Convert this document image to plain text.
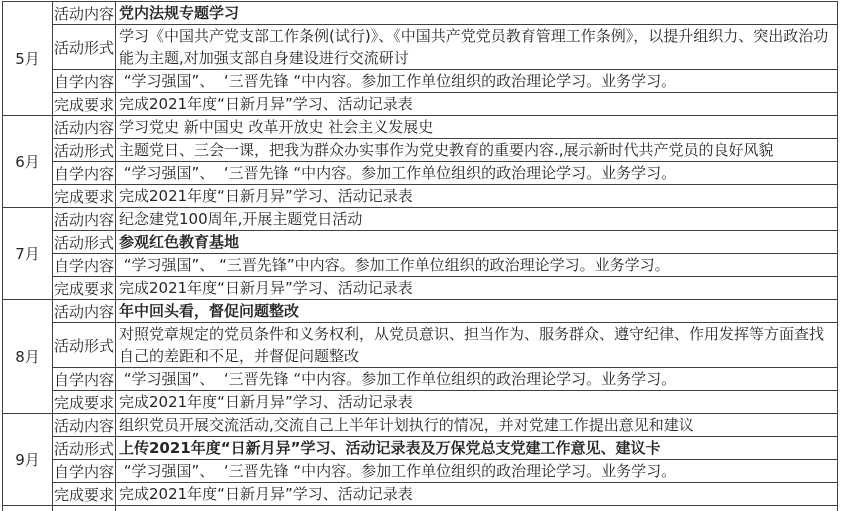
5月	活动内容	党内法规专题学习
	活动形式	学习《中国共产党支部工作条例(试行)》、《中国共产党党员教育管理工作条例》，以提升组织力、突出政治功能为主题,对加强支部自身建设进行交流研讨
	自学内容	“学习强国”、  ‘三晋先锋 “中内容。参加工作单位组织的政治理论学习。业务学习。
	完成要求	完成2021年度“日新月异”学习、活动记录表
6月	活动内容	学习党史 新中国史 改革开放史 社会主义发展史
	活动形式	主题党日、三会一课，把我为群众办实事作为党史教育的重要内容.,展示新时代共产党员的良好风貌
	自学内容	“学习强国”、  ‘三晋先锋 “中内容。参加工作单位组织的政治理论学习。业务学习。
	完成要求	完成2021年度“日新月异”学习、活动记录表
7月	活动内容	纪念建党100周年,开展主题党日活动
	活动形式	参观红色教育基地
	自学内容	“学习强国”、 “三晋先锋”中内容。参加工作单位组织的政治理论学习。业务学习。
	完成要求	完成2021年度“日新月异”学习、活动记录表
8月	活动内容	年中回头看，督促问题整改
	活动形式	对照党章规定的党员条件和义务权利，从党员意识、担当作为、服务群众、遵守纪律、作用发挥等方面查找自己的差距和不足，并督促问题整改
	自学内容	“学习强国”、  ‘三晋先锋 “中内容。参加工作单位组织的政治理论学习。业务学习。
	完成要求	完成2021年度“日新月异”学习、活动记录表
9月	活动内容	组织党员开展交流活动,交流自己上半年计划执行的情况，并对党建工作提出意见和建议
	活动形式	上传2021年度“日新月异”学习、活动记录表及万保党总支党建工作意见、建议卡
	自学内容	“学习强国”、  ‘三晋先锋 “中内容。参加工作单位组织的政治理论学习。业务学习。
	完成要求	完成2021年度“日新月异”学习、活动记录表
